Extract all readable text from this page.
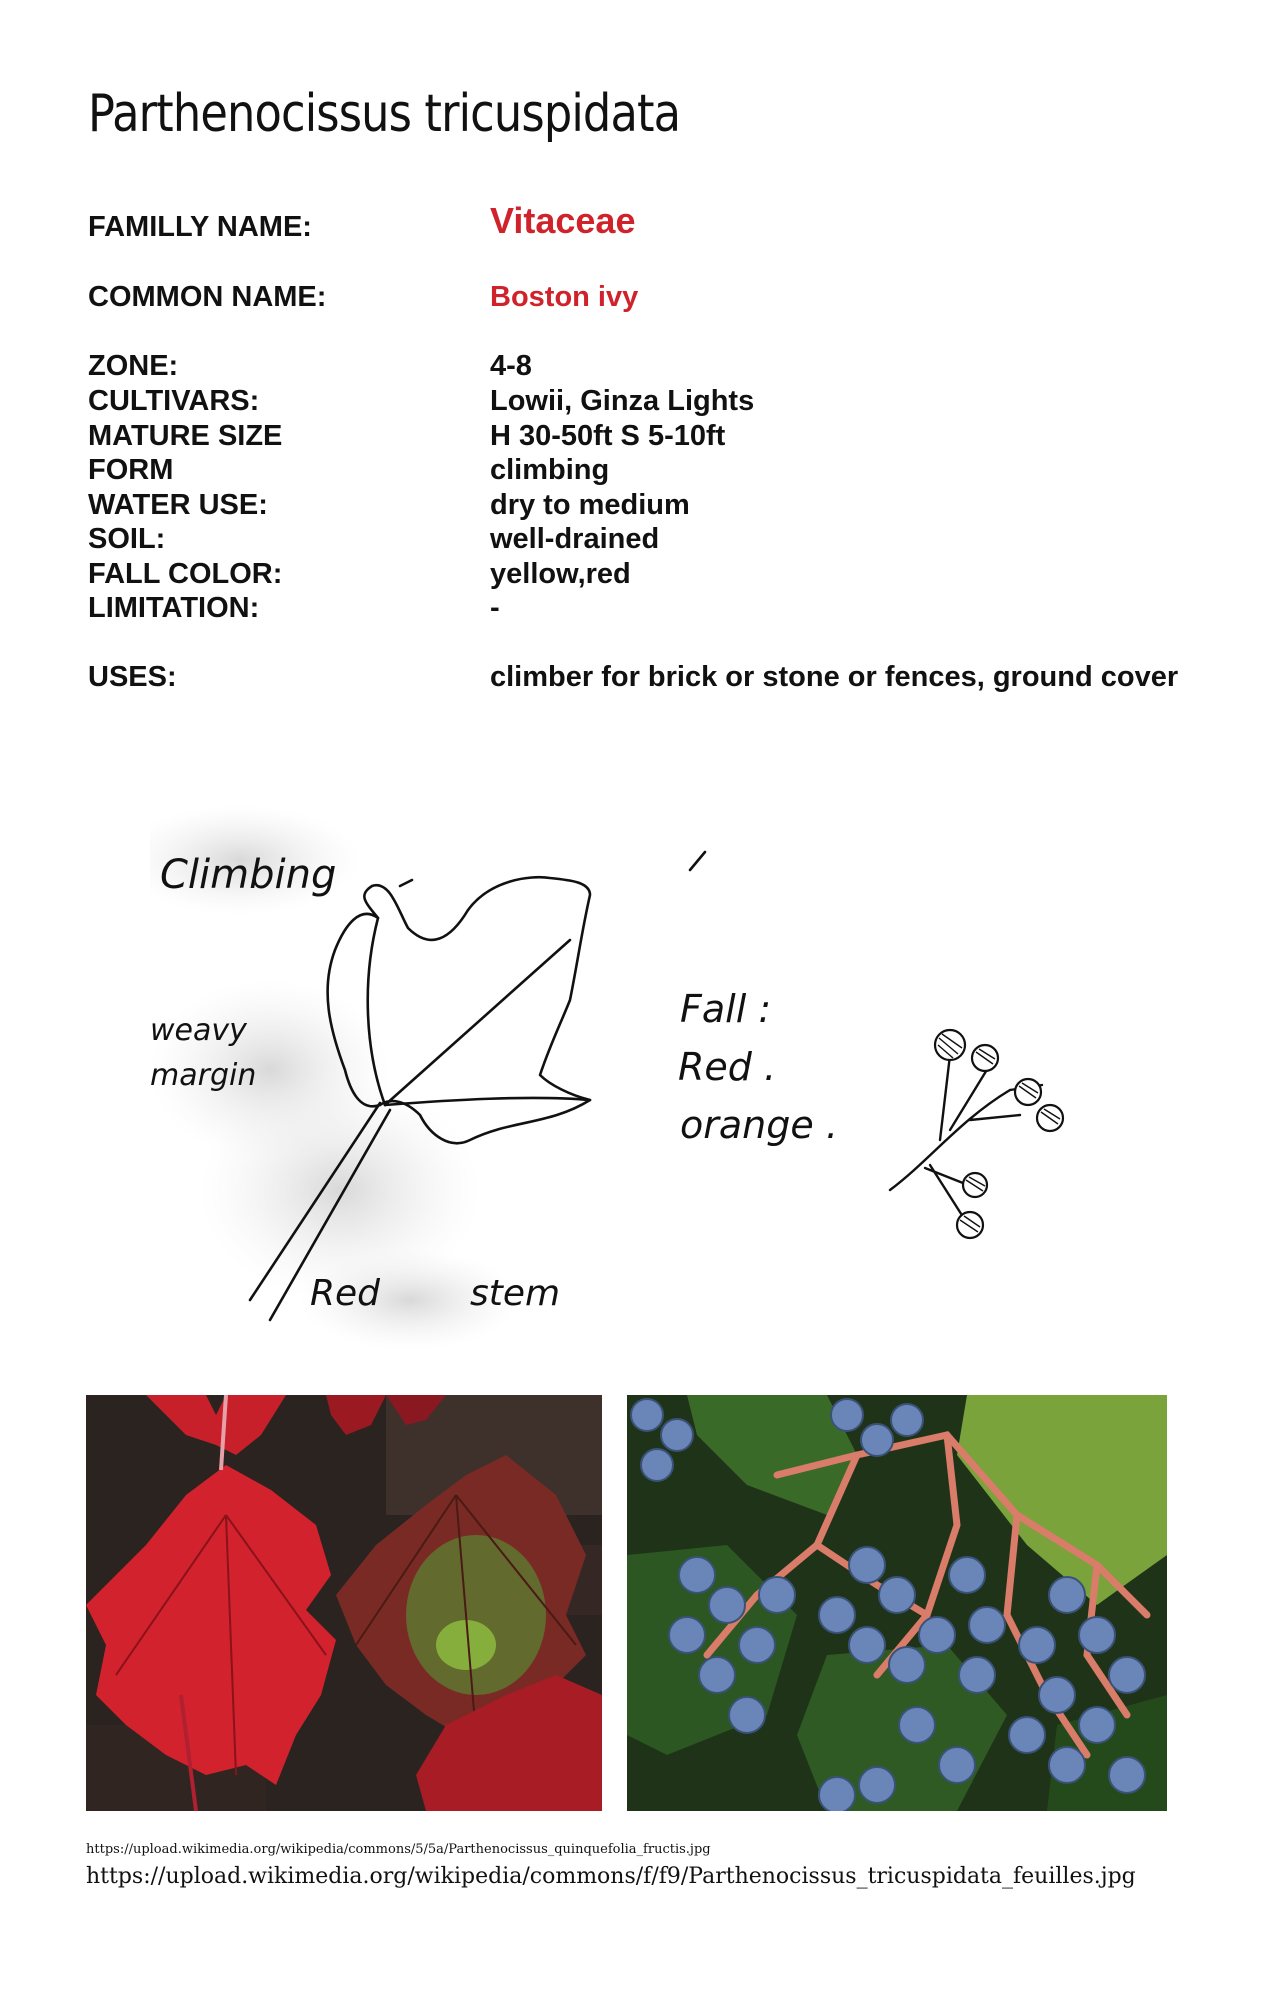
Parthenocissus tricuspidata
FAMILLY NAME:	Vitaceae
COMMON NAME:	Boston ivy
ZONE:	4-8
CULTIVARS:	Lowii, Ginza Lights
MATURE SIZE	H 30-50ft S 5-10ft
FORM	climbing
WATER USE:	dry to medium
SOIL:	well-drained
FALL COLOR:	yellow,red
LIMITATION:	-
USES:	climber for brick or stone or fences, ground cover
Climbing
weavy
margin
Fall :
Red .
orange .
Red stem
https://upload.wikimedia.org/wikipedia/commons/5/5a/Parthenocissus_quinquefolia_fructis.jpg
https://upload.wikimedia.org/wikipedia/commons/f/f9/Parthenocissus_tricuspidata_feuilles.jpg
